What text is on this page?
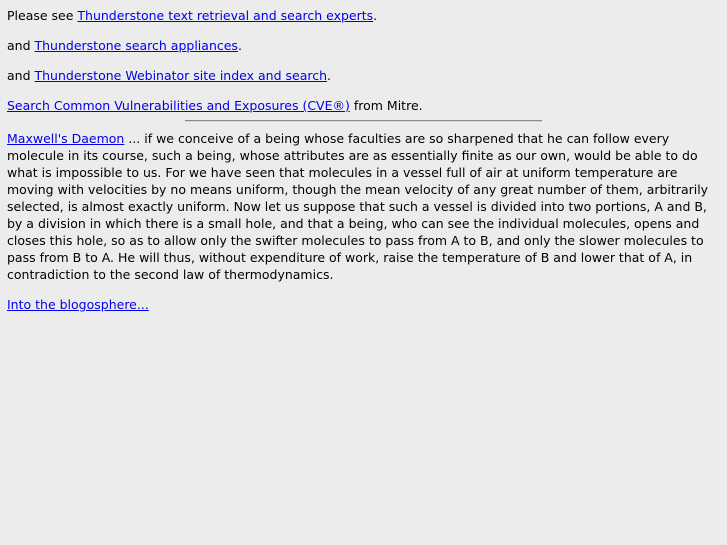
Please see Thunderstone text retrieval and search experts.

and Thunderstone search appliances.

and Thunderstone Webinator site index and search.

Search Common Vulnerabilities and Exposures (CVE®) from Mitre.

Maxwell's Daemon ... if we conceive of a being whose faculties are so sharpened that he can follow every molecule in its course, such a being, whose attributes are as essentially finite as our own, would be able to do what is impossible to us. For we have seen that molecules in a vessel full of air at uniform temperature are moving with velocities by no means uniform, though the mean velocity of any great number of them, arbitrarily selected, is almost exactly uniform. Now let us suppose that such a vessel is divided into two portions, A and B, by a division in which there is a small hole, and that a being, who can see the individual molecules, opens and closes this hole, so as to allow only the swifter molecules to pass from A to B, and only the slower molecules to pass from B to A. He will thus, without expenditure of work, raise the temperature of B and lower that of A, in contradiction to the second law of thermodynamics.

Into the blogosphere...
